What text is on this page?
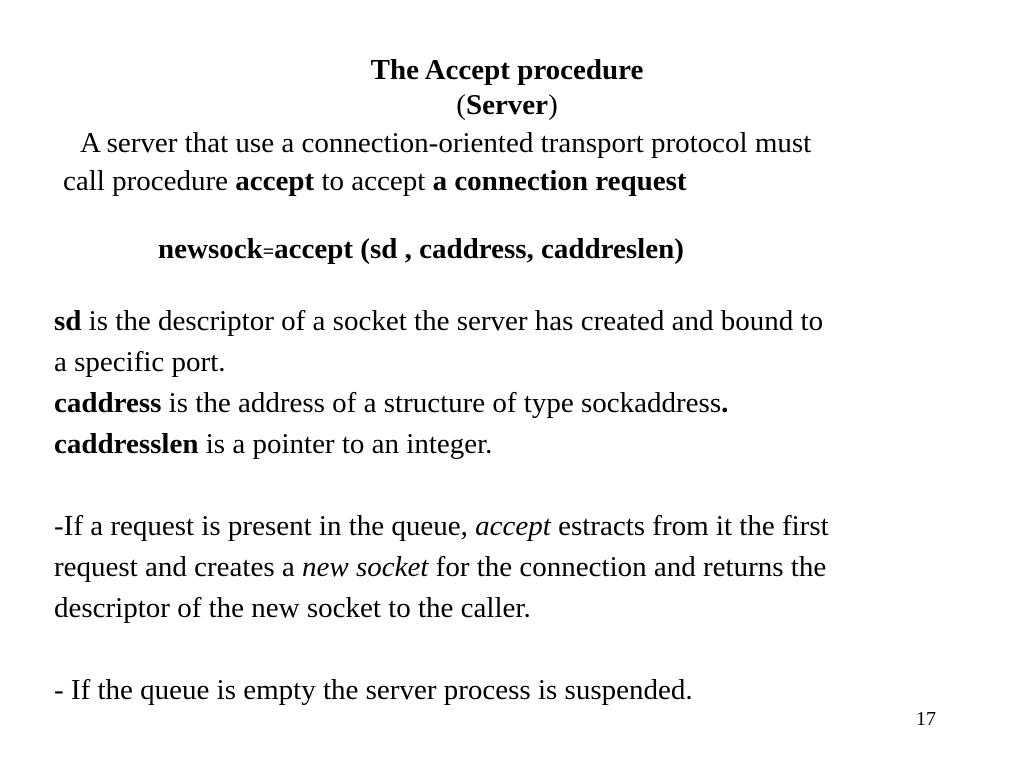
The Accept procedure
(Server)
A server that use a connection-oriented transport protocol must
call procedure accept to accept a connection request
newsock=accept (sd , caddress, caddreslen)
sd is the descriptor of a socket the server has created and bound to
a specific port.
caddress is the address of a structure of type sockaddress.
caddresslen is a pointer to an integer.
-If a request is present in the queue, accept estracts from it the first
request and creates a new socket for the connection and returns the
descriptor of the new socket to the caller.
- If the queue is empty the server process is suspended.
17
